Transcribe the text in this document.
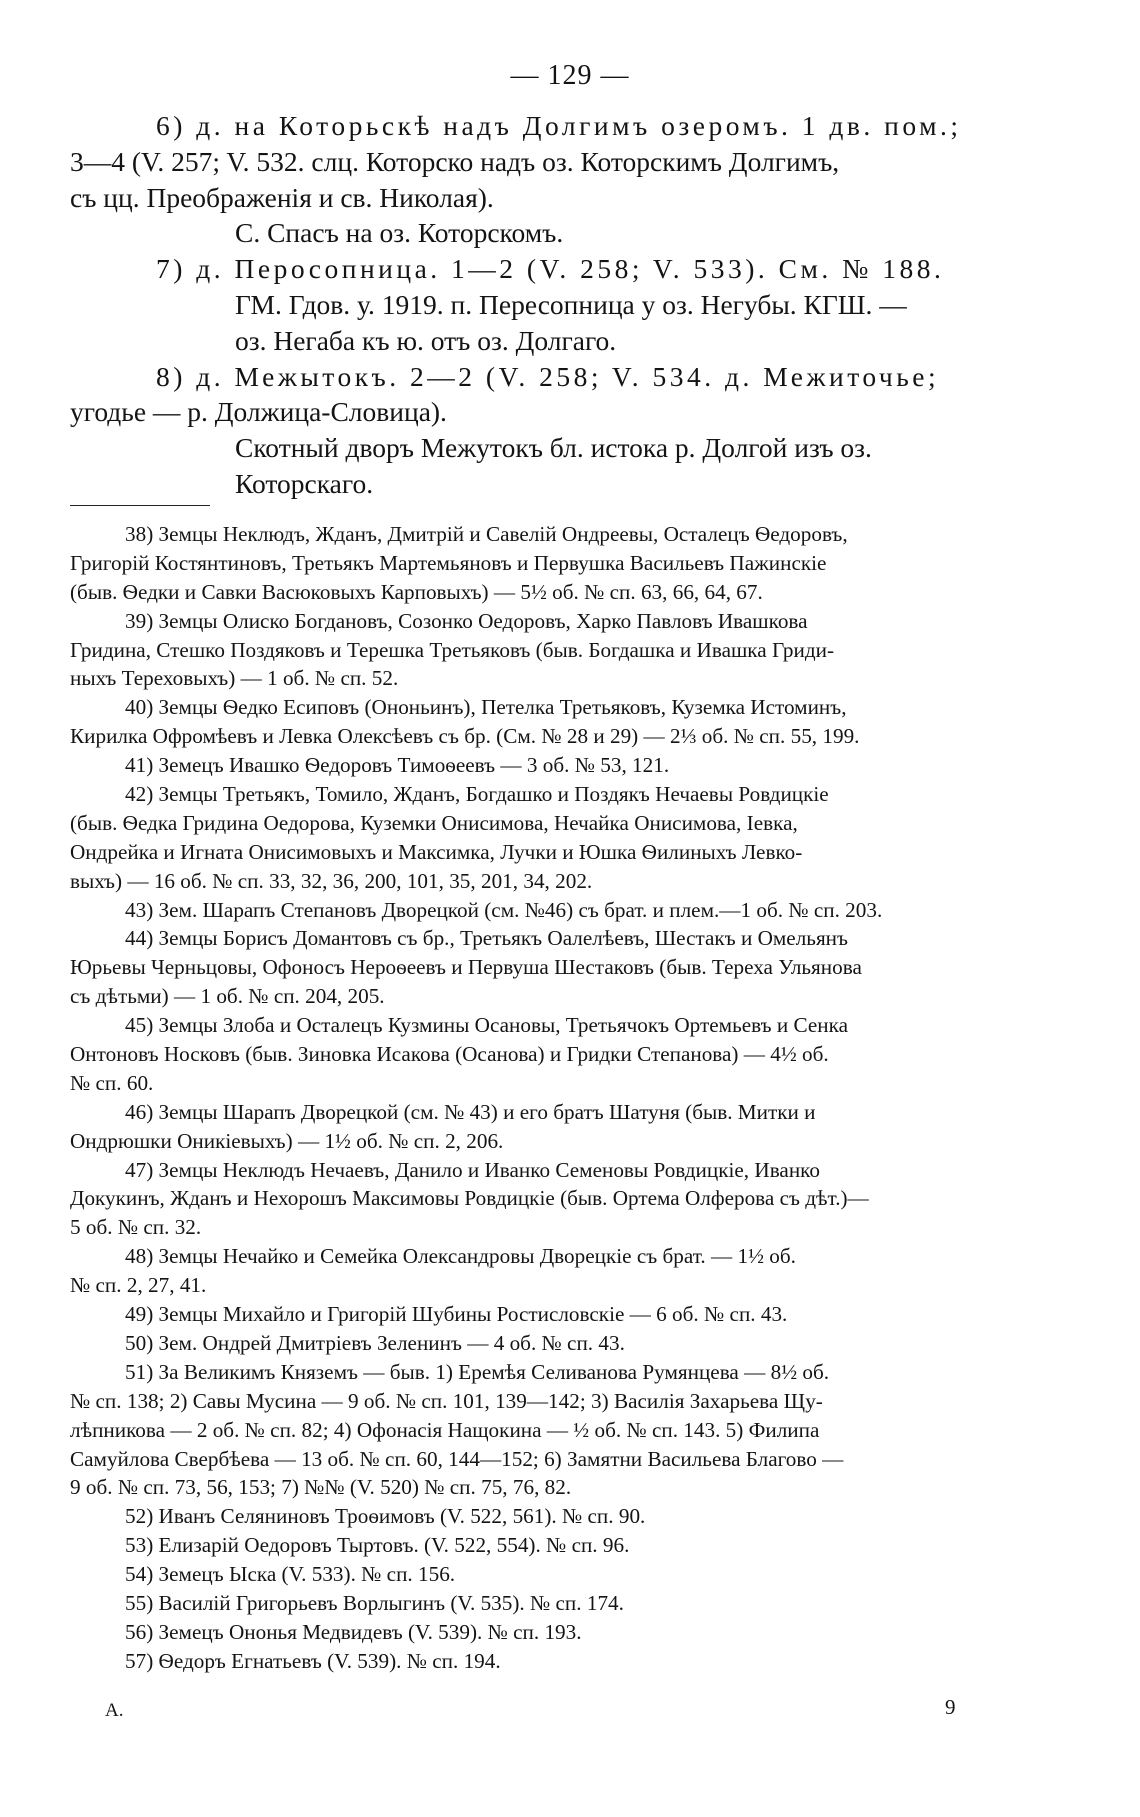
— 129 —
6) д. на Которьскѣ надъ Долгимъ озеромъ. 1 дв. пом.;
3—4 (V. 257; V. 532. слц. Которско надъ оз. Которскимъ Долгимъ,
съ цц. Преображенія и св. Николая).
С. Спасъ на оз. Которскомъ.
7) д. Перосопница. 1—2 (V. 258; V. 533). См. № 188.
ГМ. Гдов. у. 1919. п. Пересопница у оз. Негубы. КГШ. —
оз. Негаба къ ю. отъ оз. Долгаго.
8) д. Межытокъ. 2—2 (V. 258; V. 534. д. Межиточье;
угодье — р. Должица-Словица).
Скотный дворъ Межутокъ бл. истока р. Долгой изъ оз.
Которскаго.
38) Земцы Неклюдъ, Жданъ, Дмитрій и Савелій Ондреевы, Осталецъ Ѳедоровъ,
Григорій Костянтиновъ, Третьякъ Мартемьяновъ и Первушка Васильевъ Пажинскіе
(быв. Ѳедки и Савки Васюковыхъ Карповыхъ) — 5½ об. № сп. 63, 66, 64, 67.
39) Земцы Олиско Богдановъ, Созонко Оедоровъ, Харко Павловъ Ивашкова
Гридина, Стешко Поздяковъ и Терешка Третьяковъ (быв. Богдашка и Ивашка Гриди-
ныхъ Тереховыхъ) — 1 об. № сп. 52.
40) Земцы Ѳедко Есиповъ (Ононьинъ), Петелка Третьяковъ, Куземка Истоминъ,
Кирилка Офромѣевъ и Левка Олексѣевъ съ бр. (См. № 28 и 29) — 2⅓ об. № сп. 55, 199.
41) Земецъ Ивашко Ѳедоровъ Тимоѳеевъ — 3 об. № 53, 121.
42) Земцы Третьякъ, Томило, Жданъ, Богдашко и Поздякъ Нечаевы Ровдицкіе
(быв. Ѳедка Гридина Оедорова, Куземки Онисимова, Нечайка Онисимова, Іевка,
Ондрейка и Игната Онисимовыхъ и Максимка, Лучки и Юшка Ѳилиныхъ Левко-
выхъ) — 16 об. № сп. 33, 32, 36, 200, 101, 35, 201, 34, 202.
43) Зем. Шарапъ Степановъ Дворецкой (см. №46) съ брат. и плем.—1 об. № сп. 203.
44) Земцы Борисъ Домантовъ съ бр., Третьякъ Оалелѣевъ, Шестакъ и Омельянъ
Юрьевы Черньцовы, Офоносъ Нероѳеевъ и Первуша Шестаковъ (быв. Тереха Ульянова
съ дѣтьми) — 1 об. № сп. 204, 205.
45) Земцы Злоба и Осталецъ Кузмины Осановы, Третьячокъ Ортемьевъ и Сенка
Онтоновъ Носковъ (быв. Зиновка Исакова (Осанова) и Гридки Степанова) — 4½ об.
№ сп. 60.
46) Земцы Шарапъ Дворецкой (см. № 43) и его братъ Шатуня (быв. Митки и
Ондрюшки Оникіевыхъ) — 1½ об. № сп. 2, 206.
47) Земцы Неклюдъ Нечаевъ, Данило и Иванко Семеновы Ровдицкіе, Иванко
Докукинъ, Жданъ и Нехорошъ Максимовы Ровдицкіе (быв. Ортема Олферова съ дѣт.)—
5 об. № сп. 32.
48) Земцы Нечайко и Семейка Олександровы Дворецкіе съ брат. — 1½ об.
№ сп. 2, 27, 41.
49) Земцы Михайло и Григорій Шубины Ростисловскіе — 6 об. № сп. 43.
50) Зем. Ондрей Дмитріевъ Зеленинъ — 4 об. № сп. 43.
51) За Великимъ Княземъ — быв. 1) Еремѣя Селиванова Румянцева — 8½ об.
№ сп. 138; 2) Савы Мусина — 9 об. № сп. 101, 139—142; 3) Василія Захарьева Щу-
лѣпникова — 2 об. № сп. 82; 4) Офонасія Нащокина — ½ об. № сп. 143. 5) Филипа
Самуйлова Свербѣева — 13 об. № сп. 60, 144—152; 6) Замятни Васильева Благово —
9 об. № сп. 73, 56, 153; 7) №№ (V. 520) № сп. 75, 76, 82.
52) Иванъ Селяниновъ Троѳимовъ (V. 522, 561). № сп. 90.
53) Елизарій Оедоровъ Тыртовъ. (V. 522, 554). № сп. 96.
54) Земецъ Ыска (V. 533). № сп. 156.
55) Василій Григорьевъ Ворлыгинъ (V. 535). № сп. 174.
56) Земецъ Ононья Медвидевъ (V. 539). № сп. 193.
57) Ѳедоръ Егнатьевъ (V. 539). № сп. 194.
А.	9
